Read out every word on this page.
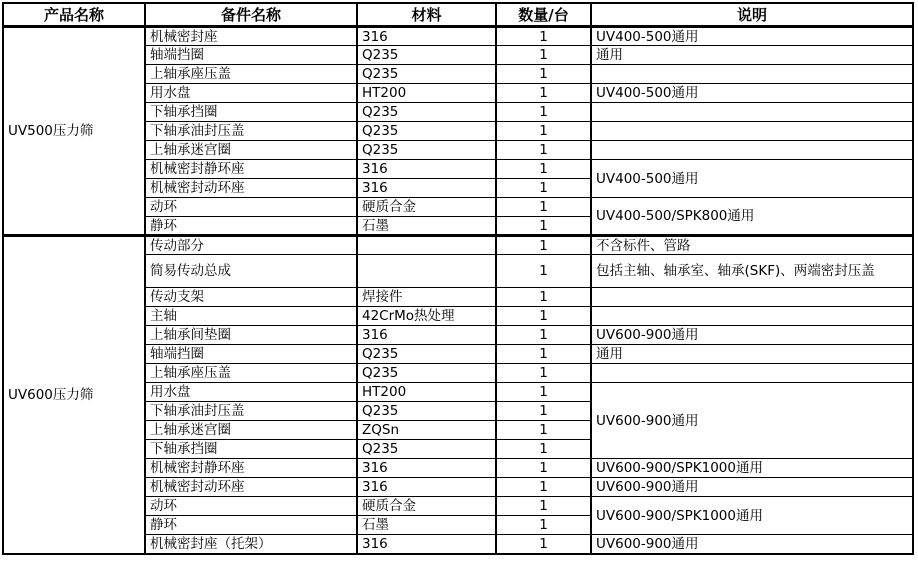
产品名称	备件名称	材料	数量/台	说明
UV500压力筛	机械密封座	316	1	UV400-500通用
	轴端挡圈	Q235	1	通用
	上轴承座压盖	Q235	1	
	用水盘	HT200	1	UV400-500通用
	下轴承挡圈	Q235	1	
	下轴承油封压盖	Q235	1	
	上轴承迷宫圈	Q235	1	
	机械密封静环座	316	1	UV400-500通用
	机械密封动环座	316	1	
	动环	硬质合金	1	UV400-500/SPK800通用
	静环	石墨	1	
UV600压力筛	传动部分		1	不含标件、管路
	简易传动总成		1	包括主轴、轴承室、轴承(SKF)、两端密封压盖
	传动支架	焊接件	1	
	主轴	42CrMo热处理	1	
	上轴承间垫圈	316	1	UV600-900通用
	轴端挡圈	Q235	1	通用
	上轴承座压盖	Q235	1	
	用水盘	HT200	1	UV600-900通用
	下轴承油封压盖	Q235	1	
	上轴承迷宫圈	ZQSn	1	
	下轴承挡圈	Q235	1	
	机械密封静环座	316	1	UV600-900/SPK1000通用
	机械密封动环座	316	1	UV600-900通用
	动环	硬质合金	1	UV600-900/SPK1000通用
	静环	石墨	1	
	机械密封座（托架）	316	1	UV600-900通用
